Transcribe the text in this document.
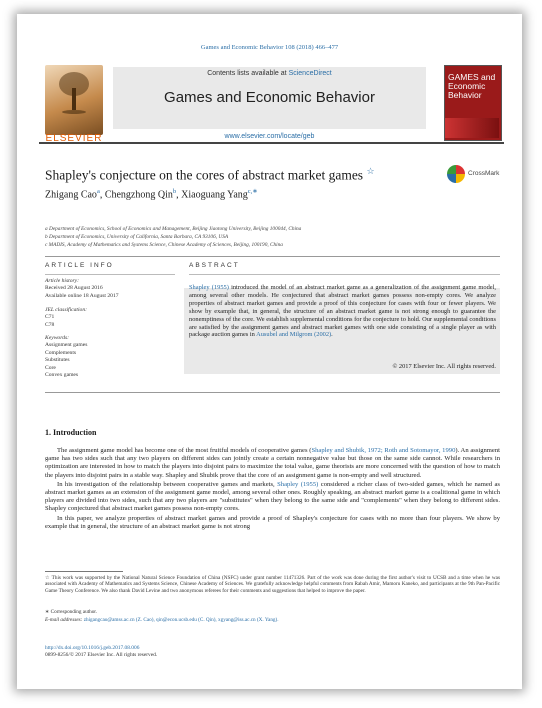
Games and Economic Behavior 108 (2018) 466–477
ELSEVIER
Contents lists available at ScienceDirect
Games and Economic Behavior
www.elsevier.com/locate/geb
GAMES and Economic Behavior
Shapley's conjecture on the cores of abstract market games ☆	CrossMark
Zhigang Cao$^a$, Chengzhong Qin$^b$, Xiaoguang Yang$^{c,∗}$
a Department of Economics, School of Economics and Management, Beijing Jiaotong University, Beijing 100044, China
b Department of Economics, University of California, Santa Barbara, CA 93106, USA
c MADIS, Academy of Mathematics and Systems Science, Chinese Academy of Sciences, Beijing, 100190, China
ARTICLE INFO
Article history:
Received 28 August 2016
Available online 18 August 2017
JEL classification:
C71
C78
Keywords:
Assignment games
Complements
Substitutes
Core
Convex games
ABSTRACT
Shapley (1955) introduced the model of an abstract market game as a generalization of the assignment game model, among several other models. He conjectured that abstract market games possess non-empty cores. We analyze properties of abstract market games and provide a proof of this conjecture for cases with four or fewer players. We show by example that, in general, the structure of an abstract market game is not strong enough to guarantee the nonemptiness of the core. We establish supplemental conditions for the conjecture to hold. Our supplemental conditions are satisfied by the assignment games and abstract market games with one side consisting of a single player as with package auction games in Ausubel and Milgrom (2002).
© 2017 Elsevier Inc. All rights reserved.
1. Introduction

The assignment game model has become one of the most fruitful models of cooperative games (Shapley and Shubik, 1972; Roth and Sotomayor, 1990). An assignment game has two sides such that any two players on different sides can jointly create a certain nonnegative value but those on the same side cannot. While researchers in optimization are interested in how to match the players into disjoint pairs to maximize the total value, game theorists are more concerned with the question of how to match the players into disjoint pairs in a stable way. Shapley and Shubik prove that the core of an assignment game is non-empty and well structured.

In his investigation of the relationship between cooperative games and markets, Shapley (1955) considered a richer class of two-sided games, which he named as abstract market games as an extension of the assignment game model, among several other ones. Roughly speaking, an abstract market game is a coalitional game in which players are divided into two sides, such that any two players are "substitutes" when they belong to the same side and "complements" when they belong to different sides. Shapley conjectured that abstract market games possess non-empty cores.

In this paper, we analyze properties of abstract market games and provide a proof of Shapley's conjecture for cases with no more than four players. We show by example that in general, the structure of an abstract market game is not strong

☆ This work was supported by the National Natural Science Foundation of China (NSFC) under grant number 11471326. Part of the work was done during the first author's visit to UCSB and a time when he was associated with Academy of Mathematics and Systems Science, Chinese Academy of Sciences. We gratefully acknowledge helpful comments from Rabah Amir, Mamoru Kaneko, and participants at the 9th Pan-Pacific Game Theory Conference. We also thank David Levine and two anonymous referees for their comments and suggestions that helped to improve the paper.
∗ Corresponding author.
E-mail addresses: zhigangcao@amss.ac.cn (Z. Cao), qin@econ.ucsb.edu (C. Qin), xgyang@iss.ac.cn (X. Yang).
http://dx.doi.org/10.1016/j.geb.2017.08.006
0899-8256/© 2017 Elsevier Inc. All rights reserved.
